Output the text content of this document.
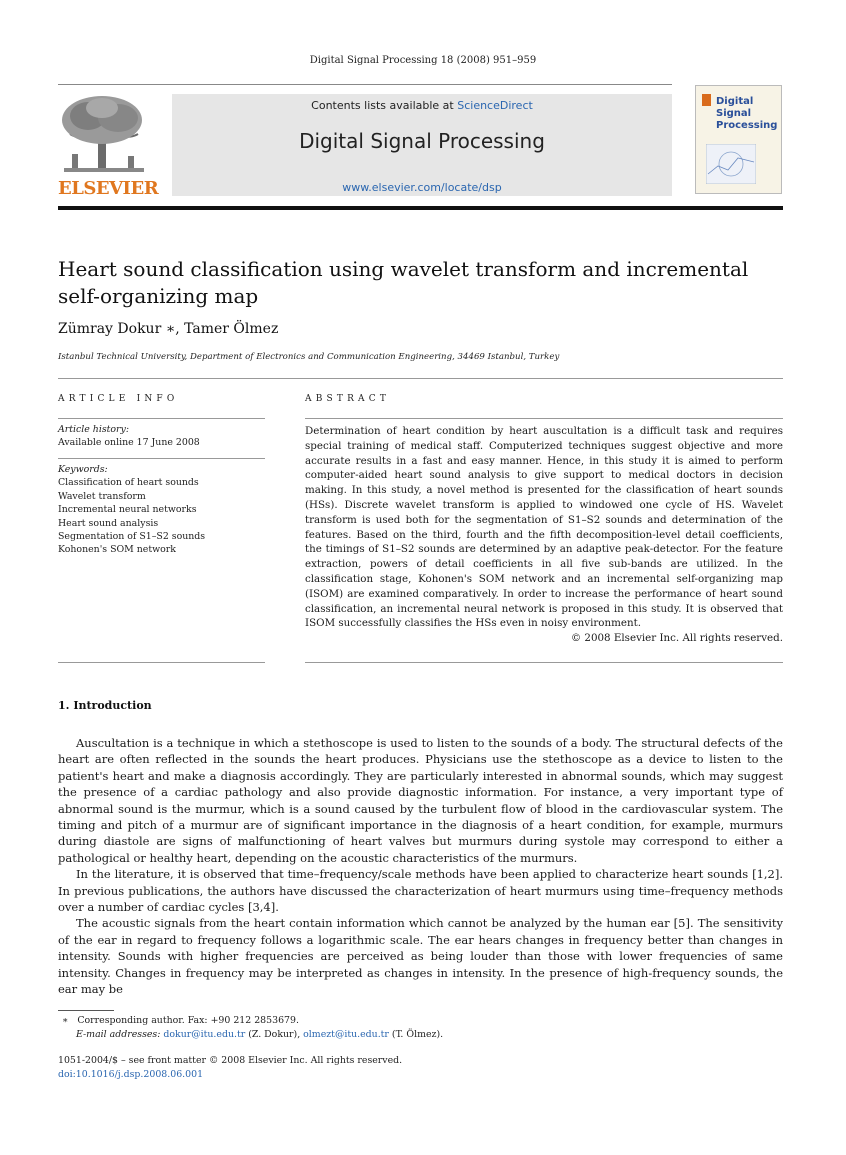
Digital Signal Processing 18 (2008) 951–959
ELSEVIER
Contents lists available at ScienceDirect
Digital Signal Processing
www.elsevier.com/locate/dsp
Digital
Signal
Processing
Heart sound classification using wavelet transform and incremental self-organizing map
Zümray Dokur ∗, Tamer Ölmez
Istanbul Technical University, Department of Electronics and Communication Engineering, 34469 Istanbul, Turkey
ARTICLE INFO
Article history:
Available online 17 June 2008
Keywords:
Classification of heart sounds
Wavelet transform
Incremental neural networks
Heart sound analysis
Segmentation of S1–S2 sounds
Kohonen's SOM network
ABSTRACT
Determination of heart condition by heart auscultation is a difficult task and requires special training of medical staff. Computerized techniques suggest objective and more accurate results in a fast and easy manner. Hence, in this study it is aimed to perform computer-aided heart sound analysis to give support to medical doctors in decision making. In this study, a novel method is presented for the classification of heart sounds (HSs). Discrete wavelet transform is applied to windowed one cycle of HS. Wavelet transform is used both for the segmentation of S1–S2 sounds and determination of the features. Based on the third, fourth and the fifth decomposition-level detail coefficients, the timings of S1–S2 sounds are determined by an adaptive peak-detector. For the feature extraction, powers of detail coefficients in all five sub-bands are utilized. In the classification stage, Kohonen's SOM network and an incremental self-organizing map (ISOM) are examined comparatively. In order to increase the performance of heart sound classification, an incremental neural network is proposed in this study. It is observed that ISOM successfully classifies the HSs even in noisy environment.
© 2008 Elsevier Inc. All rights reserved.
1. Introduction

Auscultation is a technique in which a stethoscope is used to listen to the sounds of a body. The structural defects of the heart are often reflected in the sounds the heart produces. Physicians use the stethoscope as a device to listen to the patient's heart and make a diagnosis accordingly. They are particularly interested in abnormal sounds, which may suggest the presence of a cardiac pathology and also provide diagnostic information. For instance, a very important type of abnormal sound is the murmur, which is a sound caused by the turbulent flow of blood in the cardiovascular system. The timing and pitch of a murmur are of significant importance in the diagnosis of a heart condition, for example, murmurs during diastole are signs of malfunctioning of heart valves but murmurs during systole may correspond to either a pathological or healthy heart, depending on the acoustic characteristics of the murmurs.

In the literature, it is observed that time–frequency/scale methods have been applied to characterize heart sounds [1,2]. In previous publications, the authors have discussed the characterization of heart murmurs using time–frequency methods over a number of cardiac cycles [3,4].

The acoustic signals from the heart contain information which cannot be analyzed by the human ear [5]. The sensitivity of the ear in regard to frequency follows a logarithmic scale. The ear hears changes in frequency better than changes in intensity. Sounds with higher frequencies are perceived as being louder than those with lower frequencies of same intensity. Changes in frequency may be interpreted as changes in intensity. In the presence of high-frequency sounds, the ear may be

∗ Corresponding author. Fax: +90 212 2853679.
E-mail addresses: dokur@itu.edu.tr (Z. Dokur), olmezt@itu.edu.tr (T. Ölmez).
1051-2004/$ – see front matter © 2008 Elsevier Inc. All rights reserved.
doi:10.1016/j.dsp.2008.06.001
